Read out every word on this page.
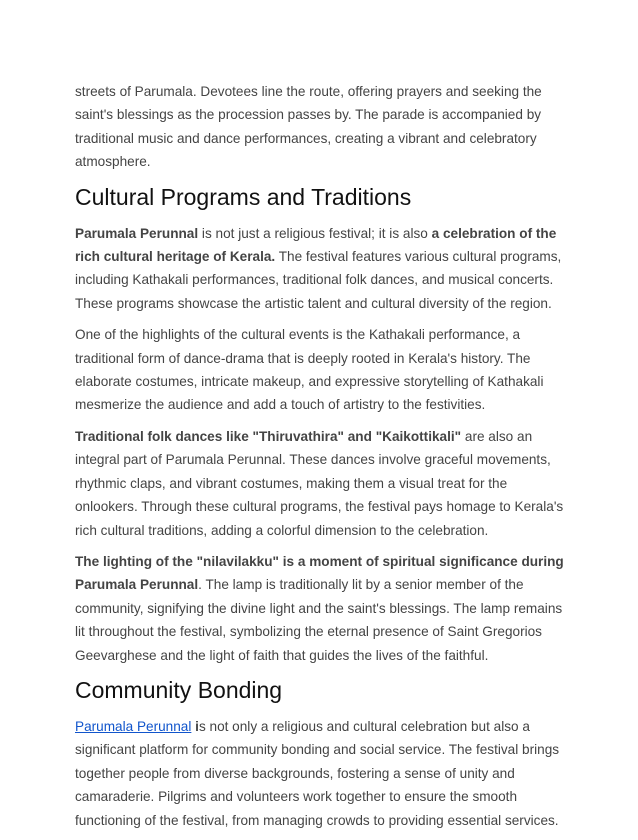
streets of Parumala. Devotees line the route, offering prayers and seeking the saint's blessings as the procession passes by. The parade is accompanied by traditional music and dance performances, creating a vibrant and celebratory atmosphere.

Cultural Programs and Traditions

Parumala Perunnal is not just a religious festival; it is also a celebration of the rich cultural heritage of Kerala. The festival features various cultural programs, including Kathakali performances, traditional folk dances, and musical concerts. These programs showcase the artistic talent and cultural diversity of the region.

One of the highlights of the cultural events is the Kathakali performance, a traditional form of dance-drama that is deeply rooted in Kerala's history. The elaborate costumes, intricate makeup, and expressive storytelling of Kathakali mesmerize the audience and add a touch of artistry to the festivities.

Traditional folk dances like "Thiruvathira" and "Kaikottikali" are also an integral part of Parumala Perunnal. These dances involve graceful movements, rhythmic claps, and vibrant costumes, making them a visual treat for the onlookers. Through these cultural programs, the festival pays homage to Kerala's rich cultural traditions, adding a colorful dimension to the celebration.

The lighting of the "nilavilakku" is a moment of spiritual significance during Parumala Perunnal. The lamp is traditionally lit by a senior member of the community, signifying the divine light and the saint's blessings. The lamp remains lit throughout the festival, symbolizing the eternal presence of Saint Gregorios Geevarghese and the light of faith that guides the lives of the faithful.

Community Bonding

Parumala Perunnal is not only a religious and cultural celebration but also a significant platform for community bonding and social service. The festival brings together people from diverse backgrounds, fostering a sense of unity and camaraderie. Pilgrims and volunteers work together to ensure the smooth functioning of the festival, from managing crowds to providing essential services.
